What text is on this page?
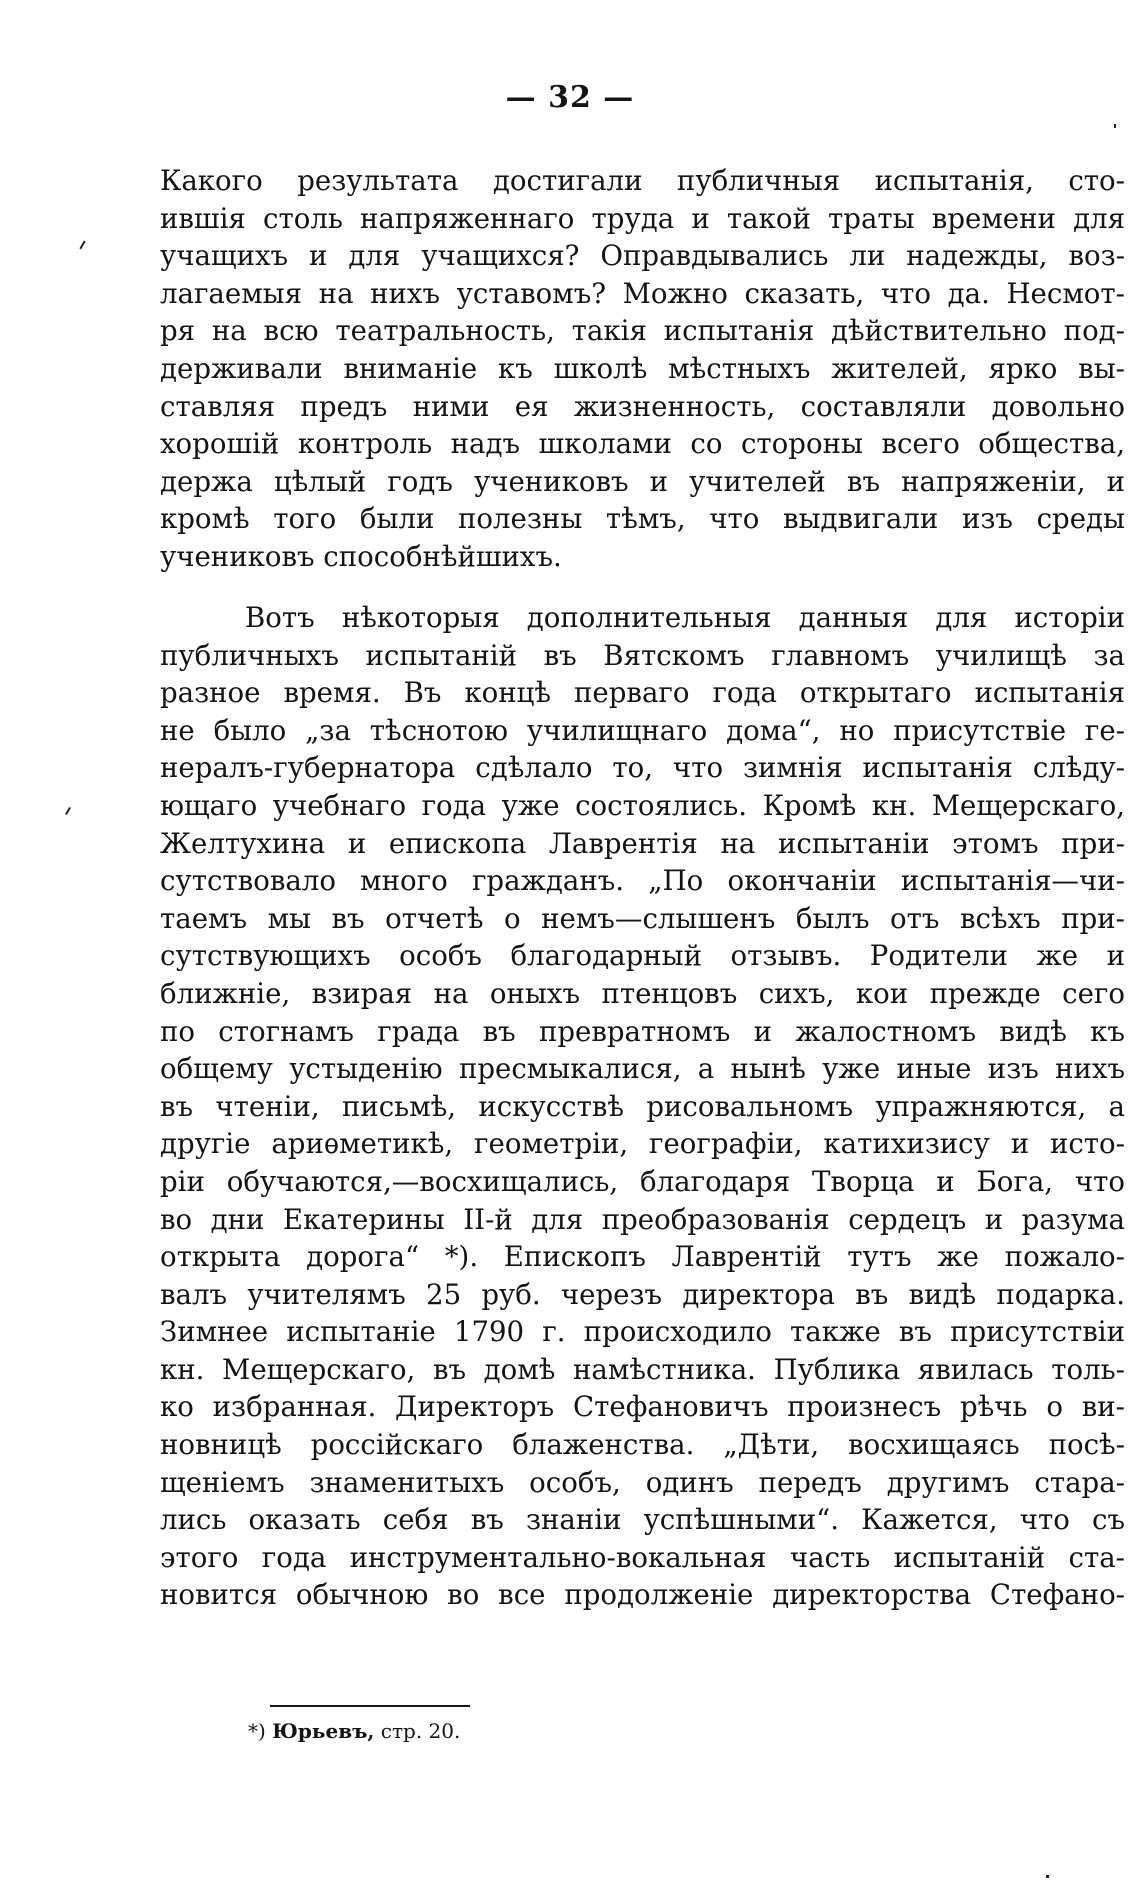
— 32 —
Какого результата достигали публичныя испытанія, сто-
ившія столь напряженнаго труда и такой траты времени для
учащихъ и для учащихся? Оправдывались ли надежды, воз-
лагаемыя на нихъ уставомъ? Можно сказать, что да. Несмот-
ря на всю театральность, такія испытанія дѣйствительно под-
держивали вниманіе къ школѣ мѣстныхъ жителей, ярко вы-
ставляя предъ ними ея жизненность, составляли довольно
хорошій контроль надъ школами со стороны всего общества,
держа цѣлый годъ учениковъ и учителей въ напряженіи, и
кромѣ того были полезны тѣмъ, что выдвигали изъ среды
учениковъ способнѣйшихъ.
Вотъ нѣкоторыя дополнительныя данныя для исторіи
публичныхъ испытаній въ Вятскомъ главномъ училищѣ за
разное время. Въ концѣ перваго года открытаго испытанія
не было „за тѣснотою училищнаго дома“, но присутствіе ге-
нералъ-губернатора сдѣлало то, что зимнія испытанія слѣду-
ющаго учебнаго года уже состоялись. Кромѣ кн. Мещерскаго,
Желтухина и епископа Лаврентія на испытаніи этомъ при-
сутствовало много гражданъ. „По окончаніи испытанія—чи-
таемъ мы въ отчетѣ о немъ—слышенъ былъ отъ всѣхъ при-
сутствующихъ особъ благодарный отзывъ. Родители же и
ближніе, взирая на оныхъ птенцовъ сихъ, кои прежде сего
по стогнамъ града въ превратномъ и жалостномъ видѣ къ
общему устыденію пресмыкалися, а нынѣ уже иные изъ нихъ
въ чтеніи, письмѣ, искусствѣ рисовальномъ упражняются, а
другіе ариѳметикѣ, геометріи, географіи, катихизису и исто-
ріи обучаются,—восхищались, благодаря Творца и Бога, что
во дни Екатерины II-й для преобразованія сердецъ и разума
открыта дорога“ *). Епископъ Лаврентій тутъ же пожало-
валъ учителямъ 25 руб. черезъ директора въ видѣ подарка.
Зимнее испытаніе 1790 г. происходило также въ присутствіи
кн. Мещерскаго, въ домѣ намѣстника. Публика явилась толь-
ко избранная. Директоръ Стефановичъ произнесъ рѣчь о ви-
новницѣ россійскаго блаженства. „Дѣти, восхищаясь посѣ-
щеніемъ знаменитыхъ особъ, одинъ передъ другимъ стара-
лись оказать себя въ знаніи успѣшными“. Кажется, что съ
этого года инструментально-вокальная часть испытаній ста-
новится обычною во все продолженіе директорства Стефано-
*) Юрьевъ, стр. 20.
